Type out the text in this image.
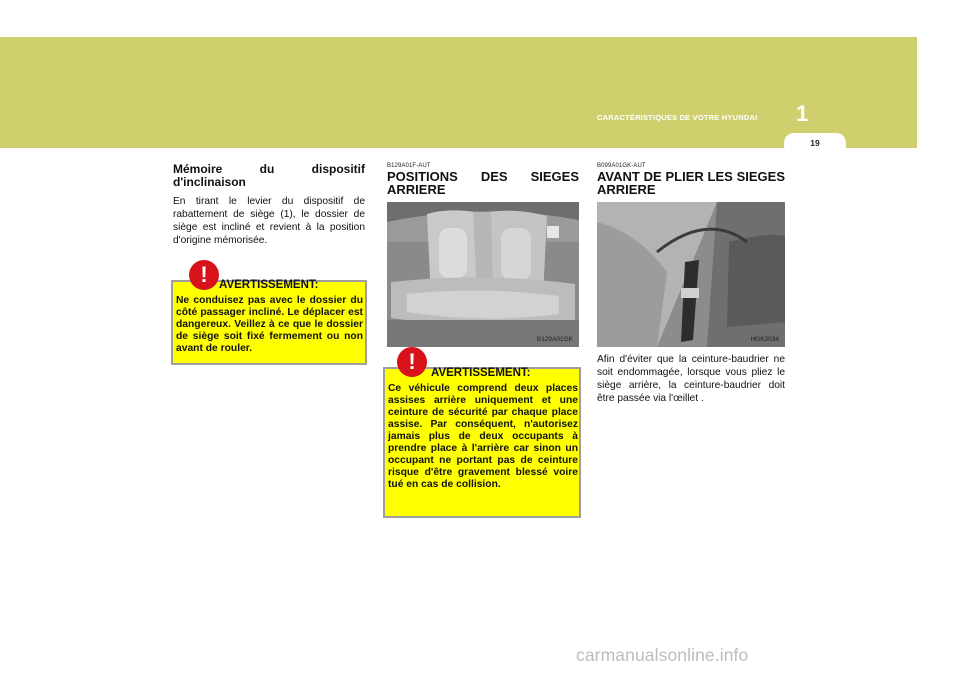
CARACTÉRISTIQUES DE VOTRE HYUNDAI	1
19
Mémoire du dispositif
d'inclinaison
En tirant le levier du dispositif de rabattement de siège (1), le dossier de siège est incliné et revient à la position d'origine mémorisée.
! AVERTISSEMENT:
Ne conduisez pas avec le dossier du côté passager incliné. Le déplacer est dangereux. Veillez à ce que le dossier de siège soit fixé fermement ou non avant de rouler.
B129A01F-AUT
POSITIONS DES SIEGES
ARRIERE
B129A01GK
!	AVERTISSEMENT:
Ce véhicule comprend deux places assises arrière uniquement et une ceinture de sécurité par chaque place assise. Par conséquent, n'autorisez jamais plus de deux occupants à prendre place à l'arrière car sinon un occupant ne portant pas de ceinture risque d'être gravement blessé voire tué en cas de collision.
B099A01GK-AUT
AVANT DE PLIER LES SIEGES
ARRIERE
HGK2034
Afin d'éviter que la ceinture-baudrier ne soit endommagée, lorsque vous pliez le siège arrière, la ceinture-baudrier doit être passée via l'œillet .
carmanualsonline.info
